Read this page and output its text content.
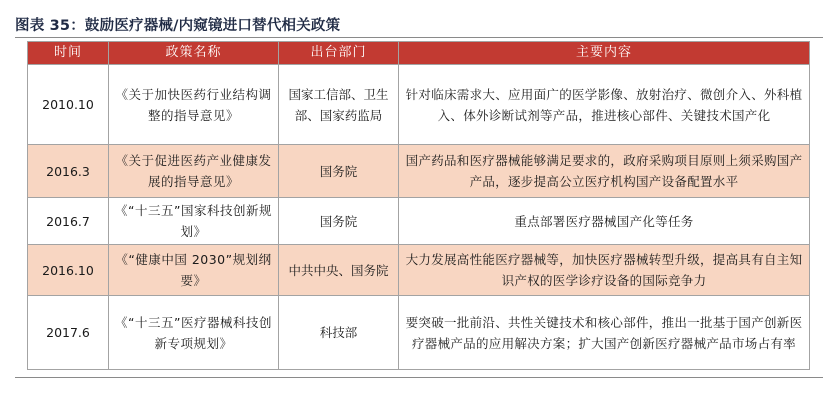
图表 35：鼓励医疗器械/内窥镜进口替代相关政策
时间	政策名称	出台部门	主要内容
2010.10	《关于加快医药行业结构调整的指导意见》	国家工信部、卫生部、国家药监局	针对临床需求大、应用面广的医学影像、放射治疗、微创介入、外科植入、体外诊断试剂等产品，推进核心部件、关键技术国产化
2016.3	《关于促进医药产业健康发展的指导意见》	国务院	国产药品和医疗器械能够满足要求的，政府采购项目原则上须采购国产产品，逐步提高公立医疗机构国产设备配置水平
2016.7	《“十三五”国家科技创新规划》	国务院	重点部署医疗器械国产化等任务
2016.10	《“健康中国 2030”规划纲要》	中共中央、国务院	大力发展高性能医疗器械等，加快医疗器械转型升级，提高具有自主知识产权的医学诊疗设备的国际竞争力
2017.6	《“十三五”医疗器械科技创新专项规划》	科技部	要突破一批前沿、共性关键技术和核心部件，推出一批基于国产创新医疗器械产品的应用解决方案；扩大国产创新医疗器械产品市场占有率
